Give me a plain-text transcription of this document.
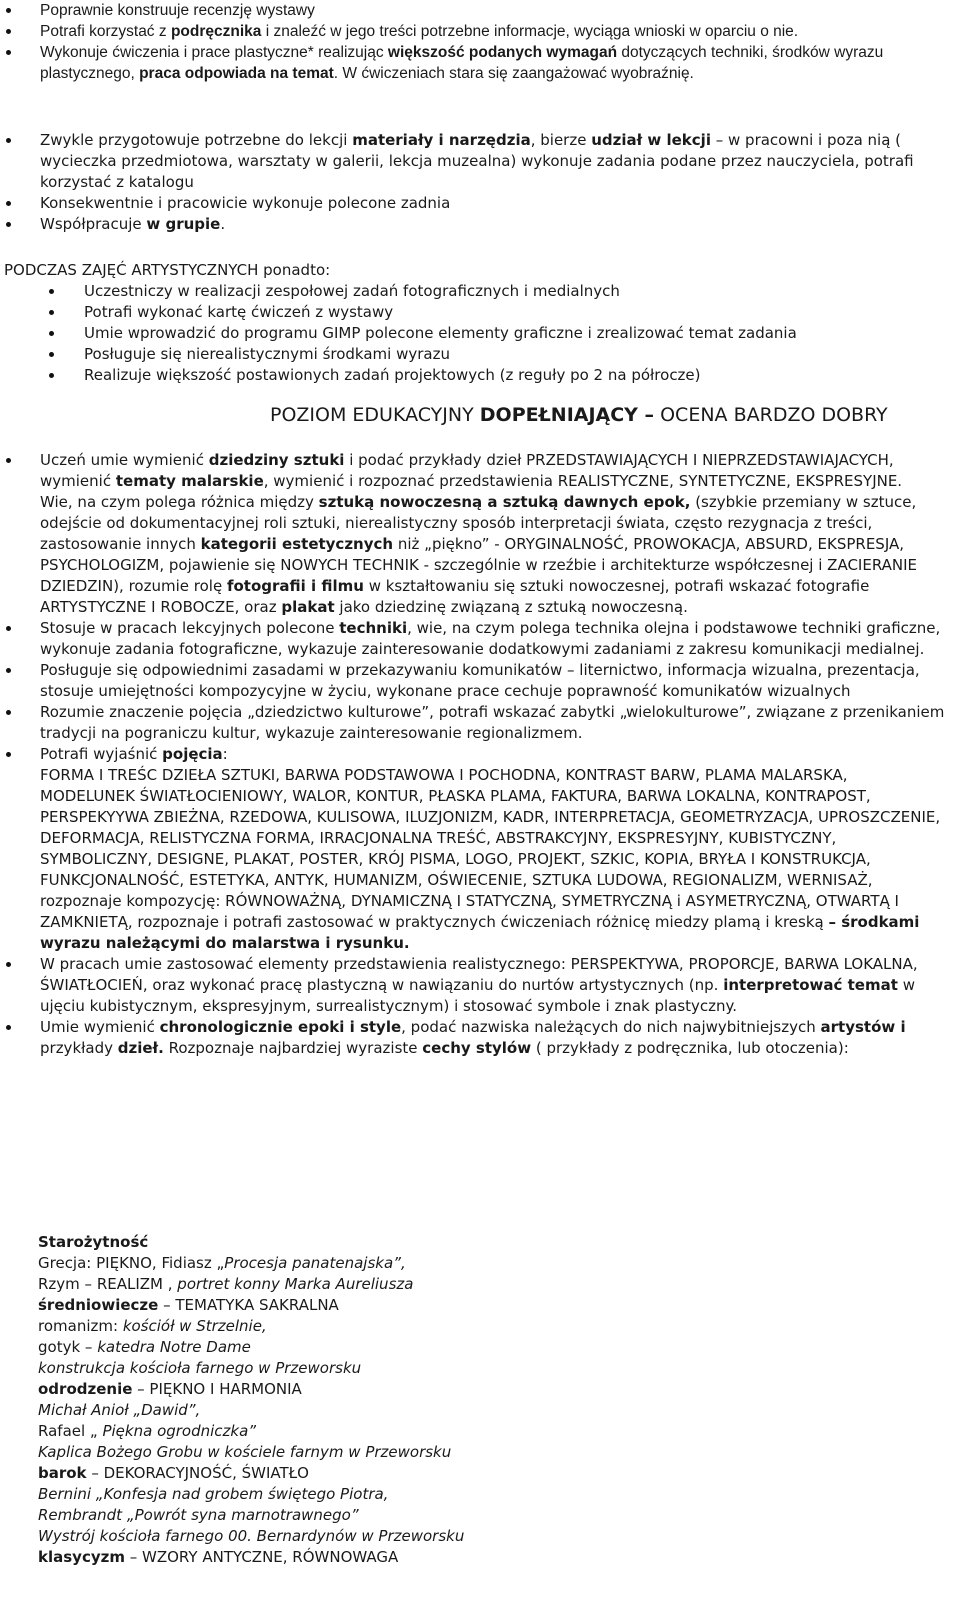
Poprawnie konstruuje recenzję wystawy
Potrafi korzystać z podręcznika i znaleźć w jego treści potrzebne informacje, wyciąga wnioski w oparciu o nie.
Wykonuje ćwiczenia i prace plastyczne* realizując większość podanych wymagań dotyczących techniki, środków wyrazu plastycznego, praca odpowiada na temat. W ćwiczeniach stara się zaangażować wyobraźnię.
Zwykle przygotowuje potrzebne do lekcji materiały i narzędzia, bierze udział w lekcji – w pracowni i poza nią ( wycieczka przedmiotowa, warsztaty w galerii, lekcja muzealna) wykonuje zadania podane przez nauczyciela, potrafi korzystać z katalogu
Konsekwentnie i pracowicie wykonuje polecone zadnia
Współpracuje w grupie.
PODCZAS ZAJĘĆ ARTYSTYCZNYCH ponadto:
Uczestniczy w realizacji zespołowej zadań fotograficznych i medialnych
Potrafi wykonać kartę ćwiczeń z wystawy
Umie wprowadzić do programu GIMP polecone elementy graficzne i zrealizować temat zadania
Posługuje się nierealistycznymi środkami wyrazu
Realizuje większość postawionych zadań projektowych (z reguły po 2 na półrocze)
POZIOM EDUKACYJNY DOPEŁNIAJĄCY – OCENA BARDZO DOBRY

Uczeń umie wymienić dziedziny sztuki i podać przykłady dzieł PRZEDSTAWIAJĄCYCH I NIEPRZEDSTAWIAJACYCH, wymienić tematy malarskie, wymienić i rozpoznać przedstawienia REALISTYCZNE, SYNTETYCZNE, EKSPRESYJNE.

Wie, na czym polega różnica między sztuką nowoczesną a sztuką dawnych epok, (szybkie przemiany w sztuce, odejście od dokumentacyjnej roli sztuki, nierealistyczny sposób interpretacji świata, często rezygnacja z treści, zastosowanie innych kategorii estetycznych niż „piękno” - ORYGINALNOŚĆ, PROWOKACJA, ABSURD, EKSPRESJA, PSYCHOLOGIZM, pojawienie się NOWYCH TECHNIK - szczególnie w rzeźbie i architekturze współczesnej i ZACIERANIE DZIEDZIN), rozumie rolę fotografii i filmu w kształtowaniu się sztuki nowoczesnej, potrafi wskazać fotografie ARTYSTYCZNE I ROBOCZE, oraz plakat jako dziedzinę związaną z sztuką nowoczesną.

Stosuje w pracach lekcyjnych polecone techniki, wie, na czym polega technika olejna i podstawowe techniki graficzne, wykonuje zadania fotograficzne, wykazuje zainteresowanie dodatkowymi zadaniami z zakresu komunikacji medialnej.

Posługuje się odpowiednimi zasadami w przekazywaniu komunikatów – liternictwo, informacja wizualna, prezentacja, stosuje umiejętności kompozycyjne w życiu, wykonane prace cechuje poprawność komunikatów wizualnych

Rozumie znaczenie pojęcia „dziedzictwo kulturowe”, potrafi wskazać zabytki „wielokulturowe”, związane z przenikaniem tradycji na pograniczu kultur, wykazuje zainteresowanie regionalizmem.

Potrafi wyjaśnić pojęcia:

FORMA I TREŚC DZIEŁA SZTUKI, BARWA PODSTAWOWA I POCHODNA, KONTRAST BARW, PLAMA MALARSKA, MODELUNEK ŚWIATŁOCIENIOWY, WALOR, KONTUR, PŁASKA PLAMA, FAKTURA, BARWA LOKALNA, KONTRAPOST, PERSPEKYYWA ZBIEŻNA, RZEDOWA, KULISOWA, ILUZJONIZM, KADR, INTERPRETACJA, GEOMETRYZACJA, UPROSZCZENIE, DEFORMACJA, RELISTYCZNA FORMA, IRRACJONALNA TREŚĆ, ABSTRAKCYJNY, EKSPRESYJNY, KUBISTYCZNY, SYMBOLICZNY, DESIGNE, PLAKAT, POSTER, KRÓJ PISMA, LOGO, PROJEKT, SZKIC, KOPIA, BRYŁA I KONSTRUKCJA, FUNKCJONALNOŚĆ, ESTETYKA, ANTYK, HUMANIZM, OŚWIECENIE, SZTUKA LUDOWA, REGIONALIZM, WERNISAŻ, rozpoznaje kompozycję: RÓWNOWAŻNĄ, DYNAMICZNĄ I STATYCZNĄ, SYMETRYCZNĄ i ASYMETRYCZNĄ, OTWARTĄ I ZAMKNIETĄ, rozpoznaje i potrafi zastosować w praktycznych ćwiczeniach różnicę miedzy plamą i kreską – środkami wyrazu należącymi do malarstwa i rysunku.

W pracach umie zastosować elementy przedstawienia realistycznego: PERSPEKTYWA, PROPORCJE, BARWA LOKALNA, ŚWIATŁOCIEŃ, oraz wykonać pracę plastyczną w nawiązaniu do nurtów artystycznych (np. interpretować temat w ujęciu kubistycznym, ekspresyjnym, surrealistycznym) i stosować symbole i znak plastyczny.

Umie wymienić chronologicznie epoki i style, podać nazwiska należących do nich najwybitniejszych artystów i przykłady dzieł. Rozpoznaje najbardziej wyraziste cechy stylów ( przykłady z podręcznika, lub otoczenia):

Starożytność
Grecja: PIĘKNO, Fidiasz „Procesja panatenajska”,
Rzym – REALIZM , portret konny Marka Aureliusza
średniowiecze – TEMATYKA SAKRALNA
romanizm: kościół w Strzelnie,
gotyk – katedra Notre Dame
konstrukcja kościoła farnego w Przeworsku
odrodzenie – PIĘKNO I HARMONIA
Michał Anioł „Dawid”,
Rafael „ Piękna ogrodniczka”
Kaplica Bożego Grobu w kościele farnym w Przeworsku
barok – DEKORACYJNOŚĆ, ŚWIATŁO
Bernini „Konfesja nad grobem świętego Piotra,
Rembrandt „Powrót syna marnotrawnego”
Wystrój kościoła farnego 00. Bernardynów w Przeworsku
klasycyzm – WZORY ANTYCZNE, RÓWNOWAGA
